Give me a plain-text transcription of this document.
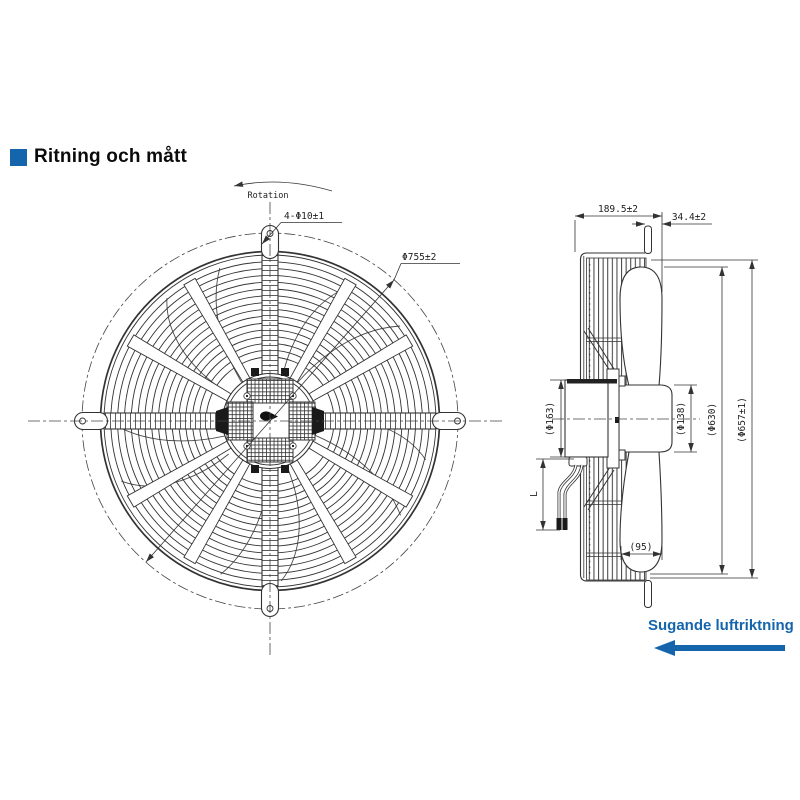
Ritning och mått
Rotation
4-Φ10±1
Φ755±2
189.5±2
34.4±2
(Φ163)	(Φ138) (Φ630) (Φ657±1)
(95)
L
Sugande luftriktning
